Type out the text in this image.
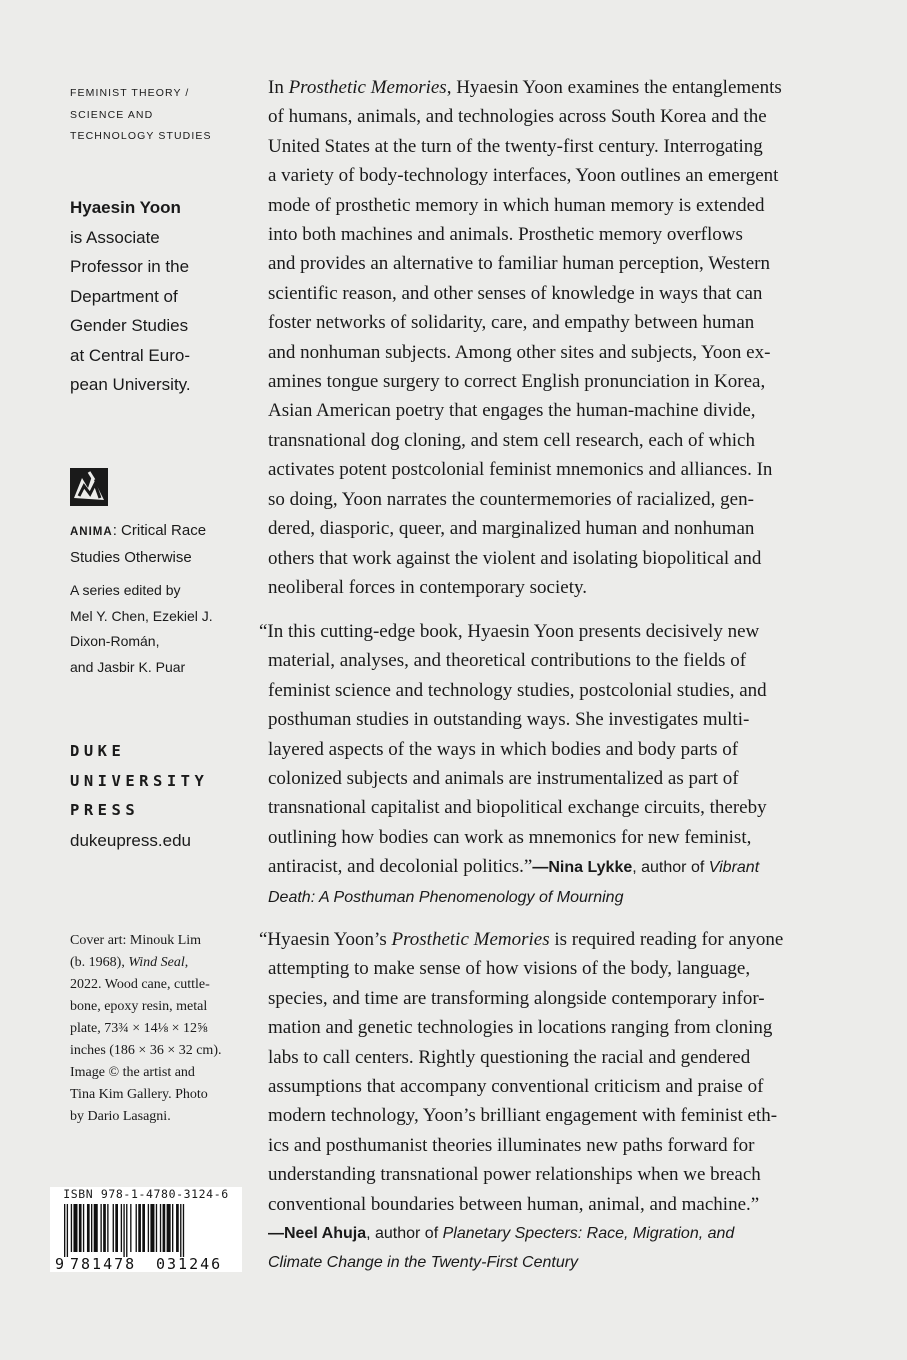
FEMINIST THEORY /
SCIENCE AND
TECHNOLOGY STUDIES
Hyaesin Yoon
is Associate
Professor in the
Department of
Gender Studies
at Central Euro-
pean University.
ANIMA: Critical Race
Studies Otherwise
A series edited by
Mel Y. Chen, Ezekiel J.
Dixon-Román,
and Jasbir K. Puar
DUKE
UNIVERSITY
PRESS
dukeupress.edu
Cover art: Minouk Lim
(b. 1968), Wind Seal,
2022. Wood cane, cuttle-
bone, epoxy resin, metal
plate, 73¾ × 14⅛ × 12⅝
inches (186 × 36 × 32 cm).
Image © the artist and
Tina Kim Gallery. Photo
by Dario Lasagni.
ISBN 978-1-4780-3124-6
9 781478 031246
In Prosthetic Memories, Hyaesin Yoon examines the entanglements
of humans, animals, and technologies across South Korea and the
United States at the turn of the twenty-first century. Interrogating
a variety of body-technology interfaces, Yoon outlines an emergent
mode of prosthetic memory in which human memory is extended
into both machines and animals. Prosthetic memory overflows
and provides an alternative to familiar human perception, Western
scientific reason, and other senses of knowledge in ways that can
foster networks of solidarity, care, and empathy between human
and nonhuman subjects. Among other sites and subjects, Yoon ex-
amines tongue surgery to correct English pronunciation in Korea,
Asian American poetry that engages the human-machine divide,
transnational dog cloning, and stem cell research, each of which
activates potent postcolonial feminist mnemonics and alliances. In
so doing, Yoon narrates the countermemories of racialized, gen-
dered, diasporic, queer, and marginalized human and nonhuman
others that work against the violent and isolating biopolitical and
neoliberal forces in contemporary society.
“In this cutting-edge book, Hyaesin Yoon presents decisively new
material, analyses, and theoretical contributions to the fields of
feminist science and technology studies, postcolonial studies, and
posthuman studies in outstanding ways. She investigates multi-
layered aspects of the ways in which bodies and body parts of
colonized subjects and animals are instrumentalized as part of
transnational capitalist and biopolitical exchange circuits, thereby
outlining how bodies can work as mnemonics for new feminist,
antiracist, and decolonial politics.”—Nina Lykke, author of Vibrant
Death: A Posthuman Phenomenology of Mourning
“Hyaesin Yoon’s Prosthetic Memories is required reading for anyone
attempting to make sense of how visions of the body, language,
species, and time are transforming alongside contemporary infor-
mation and genetic technologies in locations ranging from cloning
labs to call centers. Rightly questioning the racial and gendered
assumptions that accompany conventional criticism and praise of
modern technology, Yoon’s brilliant engagement with feminist eth-
ics and posthumanist theories illuminates new paths forward for
understanding transnational power relationships when we breach
conventional boundaries between human, animal, and machine.”
—Neel Ahuja, author of Planetary Specters: Race, Migration, and
Climate Change in the Twenty-First Century
